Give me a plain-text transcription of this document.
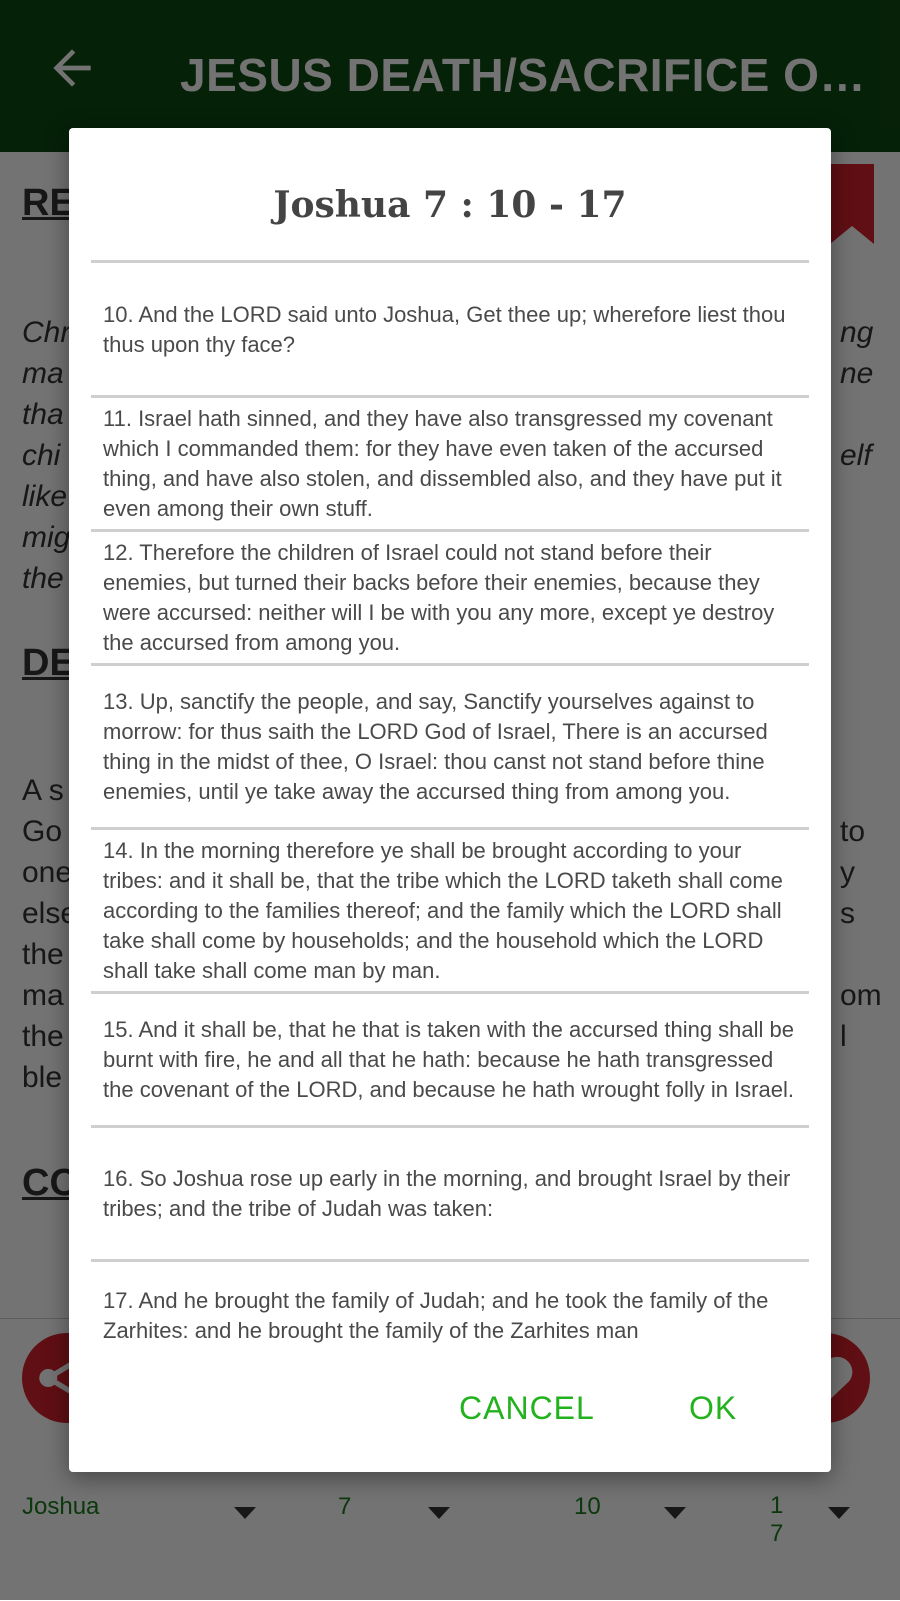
Joshua 7 : 10 - 17
10. And the LORD said unto Joshua, Get thee up; wherefore liest thou thus upon thy face?
11. Israel hath sinned, and they have also transgressed my covenant which I commanded them: for they have even taken of the accursed thing, and have also stolen, and dissembled also, and they have put it even among their own stuff.
12. Therefore the children of Israel could not stand before their enemies, but turned their backs before their enemies, because they were accursed: neither will I be with you any more, except ye destroy the accursed from among you.
13. Up, sanctify the people, and say, Sanctify yourselves against to morrow: for thus saith the LORD God of Israel, There is an accursed thing in the midst of thee, O Israel: thou canst not stand before thine enemies, until ye take away the accursed thing from among you.
14. In the morning therefore ye shall be brought according to your tribes: and it shall be, that the tribe which the LORD taketh shall come according to the families thereof; and the family which the LORD shall take shall come by households; and the household which the LORD shall take shall come man by man.
15. And it shall be, that he that is taken with the accursed thing shall be burnt with fire, he and all that he hath: because he hath transgressed the covenant of the LORD, and because he hath wrought folly in Israel.
16. So Joshua rose up early in the morning, and brought Israel by their tribes; and the tribe of Judah was taken:
17. And he brought the family of Judah; and he took the family of the Zarhites: and he brought the family of the Zarhites man
CANCEL	OK
